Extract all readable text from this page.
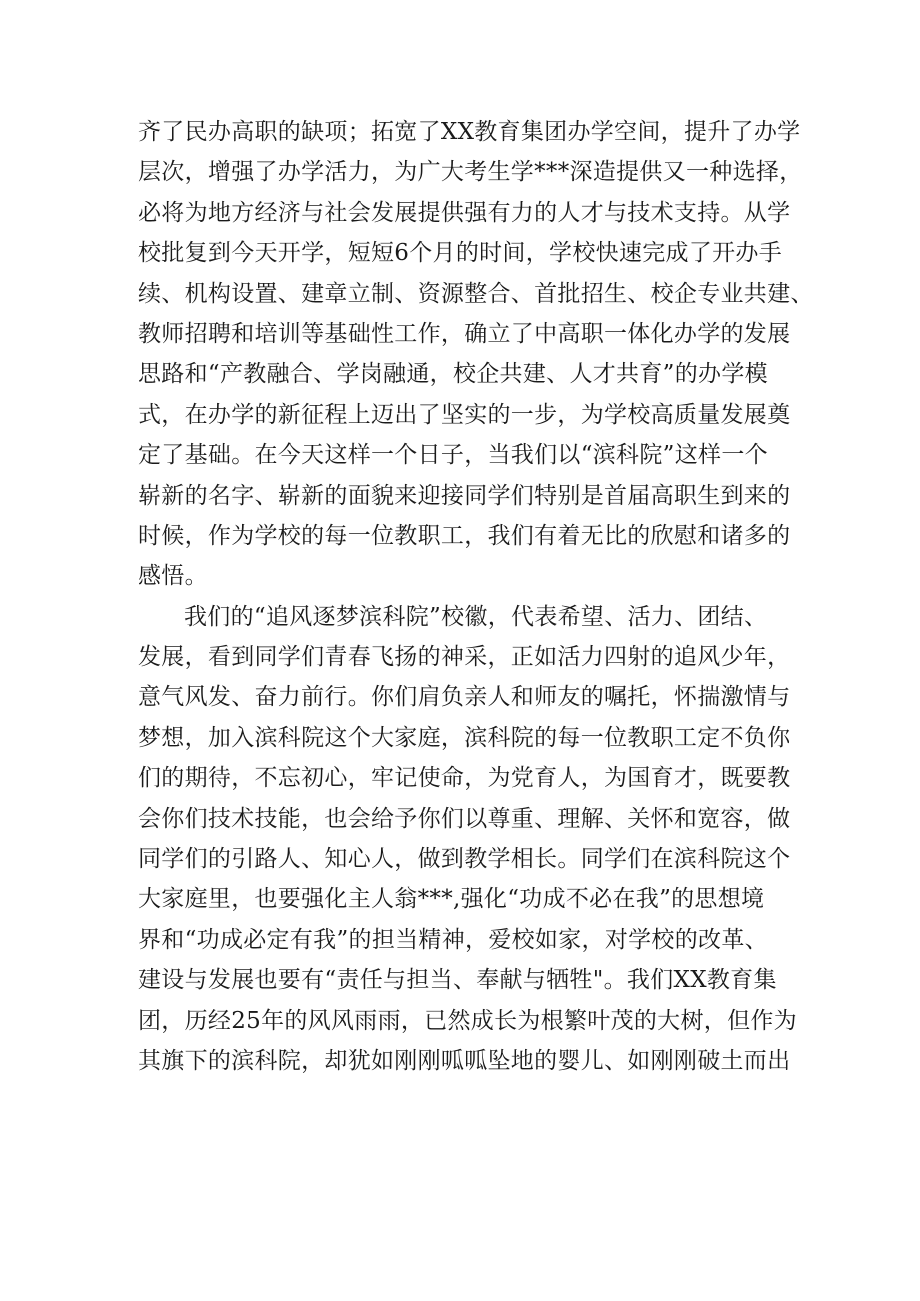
齐了民办高职的缺项；拓宽了XX教育集团办学空间，提升了办学
层次，增强了办学活力，为广大考生学***深造提供又一种选择，
必将为地方经济与社会发展提供强有力的人才与技术支持。从学
校批复到今天开学，短短6个月的时间，学校快速完成了开办手
续、机构设置、建章立制、资源整合、首批招生、校企专业共建、
教师招聘和培训等基础性工作，确立了中高职一体化办学的发展
思路和“产教融合、学岗融通，校企共建、人才共育”的办学模
式，在办学的新征程上迈出了坚实的一步，为学校高质量发展奠
定了基础。在今天这样一个日子，当我们以“滨科院”这样一个
崭新的名字、崭新的面貌来迎接同学们特别是首届高职生到来的
时候，作为学校的每一位教职工，我们有着无比的欣慰和诸多的
感悟。
我们的“追风逐梦滨科院”校徽，代表希望、活力、团结、
发展，看到同学们青春飞扬的神采，正如活力四射的追风少年，
意气风发、奋力前行。你们肩负亲人和师友的嘱托，怀揣激情与
梦想，加入滨科院这个大家庭，滨科院的每一位教职工定不负你
们的期待，不忘初心，牢记使命，为党育人，为国育才，既要教
会你们技术技能，也会给予你们以尊重、理解、关怀和宽容，做
同学们的引路人、知心人，做到教学相长。同学们在滨科院这个
大家庭里，也要强化主人翁***,强化“功成不必在我”的思想境
界和“功成必定有我”的担当精神，爱校如家，对学校的改革、
建设与发展也要有“责任与担当、奉献与牺牲"。我们XX教育集
团，历经25年的风风雨雨，已然成长为根繁叶茂的大树，但作为
其旗下的滨科院，却犹如刚刚呱呱坠地的婴儿、如刚刚破土而出
